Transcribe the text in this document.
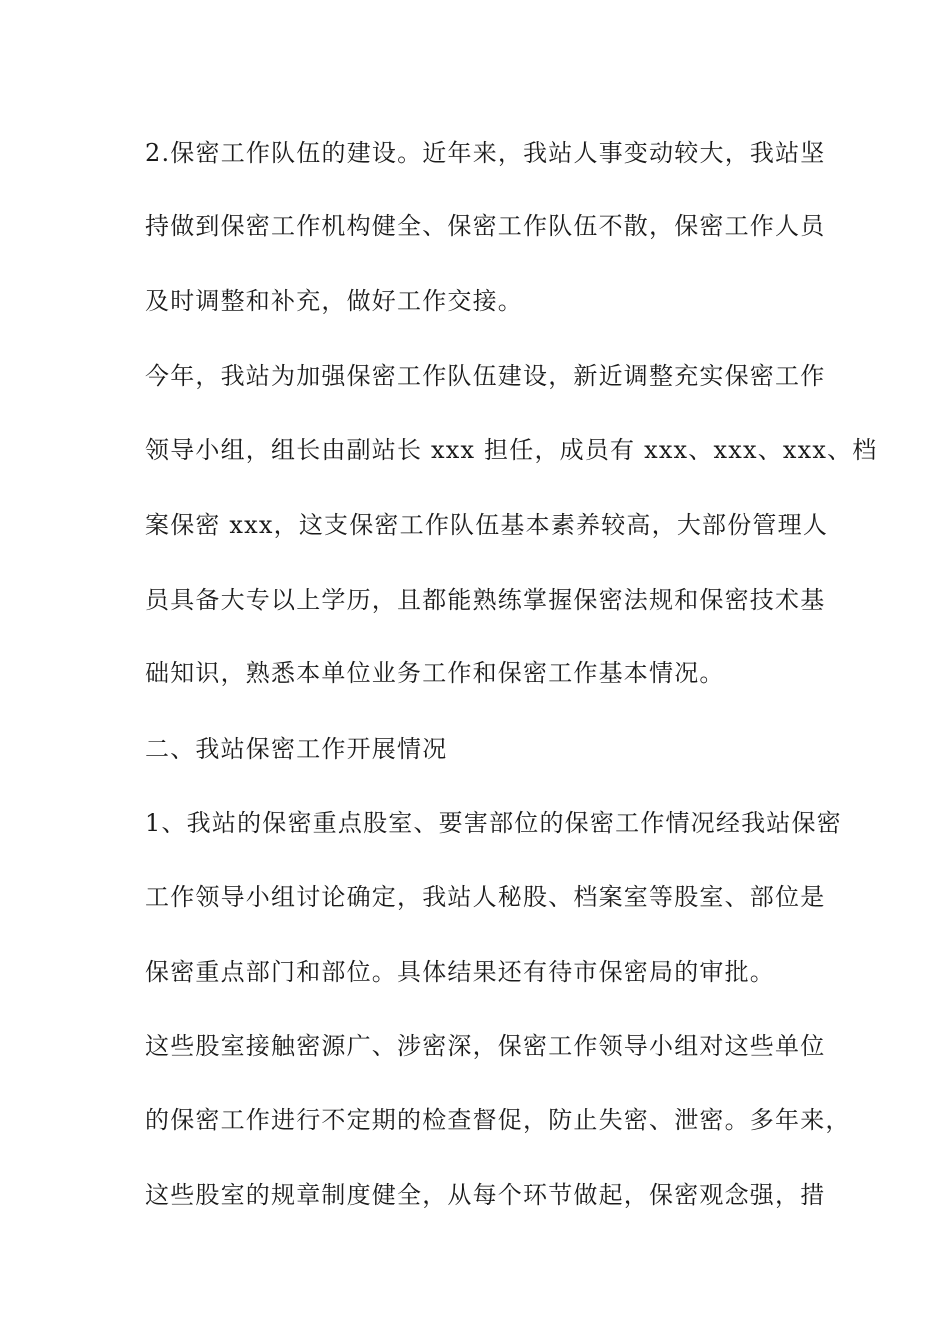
2.保密工作队伍的建设。近年来，我站人事变动较大，我站坚
持做到保密工作机构健全、保密工作队伍不散，保密工作人员
及时调整和补充，做好工作交接。
今年，我站为加强保密工作队伍建设，新近调整充实保密工作
领导小组，组长由副站长 xxx 担任，成员有 xxx、xxx、xxx、档
案保密 xxx，这支保密工作队伍基本素养较高，大部份管理人
员具备大专以上学历，且都能熟练掌握保密法规和保密技术基
础知识，熟悉本单位业务工作和保密工作基本情况。
二、我站保密工作开展情况
1、我站的保密重点股室、要害部位的保密工作情况经我站保密
工作领导小组讨论确定，我站人秘股、档案室等股室、部位是
保密重点部门和部位。具体结果还有待市保密局的审批。
这些股室接触密源广、涉密深，保密工作领导小组对这些单位
的保密工作进行不定期的检查督促，防止失密、泄密。多年来，
这些股室的规章制度健全，从每个环节做起，保密观念强，措
